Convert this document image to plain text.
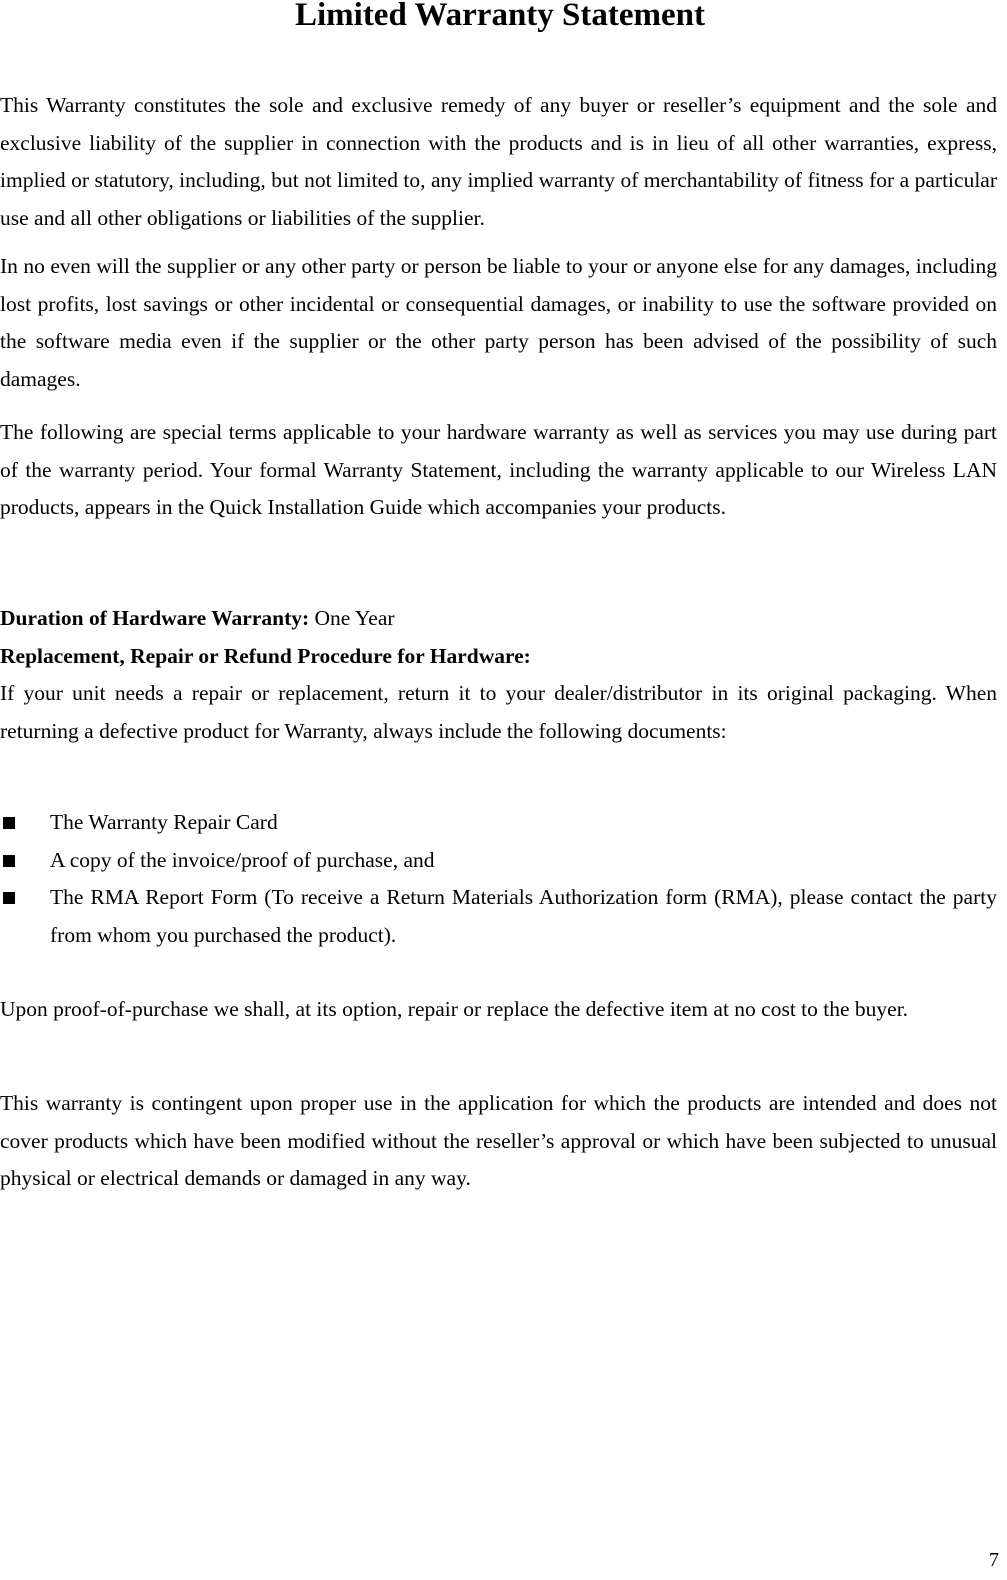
Limited Warranty Statement

This Warranty constitutes the sole and exclusive remedy of any buyer or reseller’s equipment and the sole and exclusive liability of the supplier in connection with the products and is in lieu of all other warranties, express, implied or statutory, including, but not limited to, any implied warranty of merchantability of fitness for a particular use and all other obligations or liabilities of the supplier.

In no even will the supplier or any other party or person be liable to your or anyone else for any damages, including lost profits, lost savings or other incidental or consequential damages, or inability to use the software provided on the software media even if the supplier or the other party person has been advised of the possibility of such damages.

The following are special terms applicable to your hardware warranty as well as services you may use during part of the warranty period. Your formal Warranty Statement, including the warranty applicable to our Wireless LAN products, appears in the Quick Installation Guide which accompanies your products.

Duration of Hardware Warranty: One Year

Replacement, Repair or Refund Procedure for Hardware:

If your unit needs a repair or replacement, return it to your dealer/distributor in its original packaging. When returning a defective product for Warranty, always include the following documents:

The Warranty Repair Card
A copy of the invoice/proof of purchase, and
The RMA Report Form (To receive a Return Materials Authorization form (RMA), please contact the party from whom you purchased the product).

Upon proof-of-purchase we shall, at its option, repair or replace the defective item at no cost to the buyer.

This warranty is contingent upon proper use in the application for which the products are intended and does not cover products which have been modified without the reseller’s approval or which have been subjected to unusual physical or electrical demands or damaged in any way.

7
